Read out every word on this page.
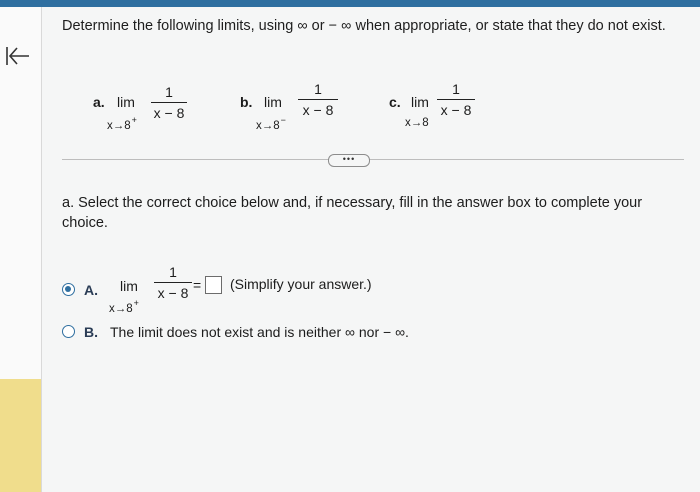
Determine the following limits, using ∞ or − ∞ when appropriate, or state that they do not exist.
a. lim
x→8+
1
x − 8
b. lim
x→8−
1
x − 8	c. lim
x→8
1
x − 8
•••
a. Select the correct choice below and, if necessary, fill in the answer box to complete your choice.
A. lim
x→8+
1
x − 8 = (Simplify your answer.)
B. The limit does not exist and is neither ∞ nor − ∞.
